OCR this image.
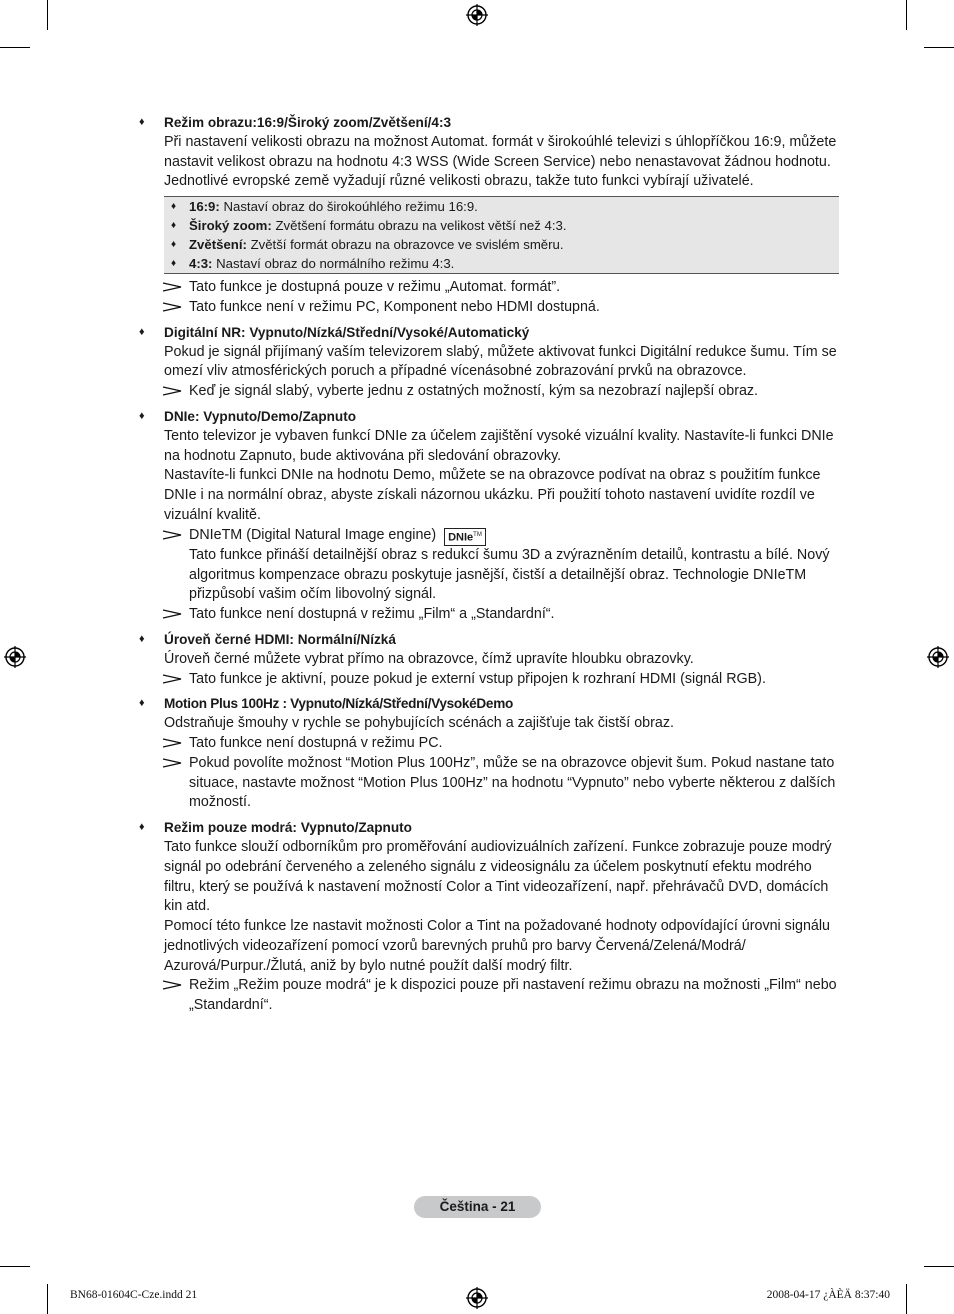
♦ Režim obrazu:16:9/Široký zoom/Zvětšení/4:3
Při nastavení velikosti obrazu na možnost Automat. formát v širokoúhlé televizi s úhlopříčkou 16:9, můžete nastavit velikost obrazu na hodnotu 4:3 WSS (Wide Screen Service) nebo nenastavovat žádnou hodnotu. Jednotlivé evropské země vyžadují různé velikosti obrazu, takže tuto funkci vybírají uživatelé.
♦ 16:9: Nastaví obraz do širokoúhlého režimu 16:9.
♦ Široký zoom: Zvětšení formátu obrazu na velikost větší než 4:3.
♦ Zvětšení: Zvětší formát obrazu na obrazovce ve svislém směru.
♦ 4:3: Nastaví obraz do normálního režimu 4:3.
Tato funkce je dostupná pouze v režimu „Automat. formát”.
Tato funkce není v režimu PC, Komponent nebo HDMI dostupná.
♦ Digitální NR: Vypnuto/Nízká/Střední/Vysoké/Automatický
Pokud je signál přijímaný vaším televizorem slabý, můžete aktivovat funkci Digitální redukce šumu. Tím se omezí vliv atmosférických poruch a případné vícenásobné zobrazování prvků na obrazovce.
Keď je signál slabý, vyberte jednu z ostatných možností, kým sa nezobrazí najlepší obraz.
♦ DNIe: Vypnuto/Demo/Zapnuto
Tento televizor je vybaven funkcí DNIe za účelem zajištění vysoké vizuální kvality. Nastavíte-li funkci DNIe na hodnotu Zapnuto, bude aktivována při sledování obrazovky.
Nastavíte-li funkci DNIe na hodnotu Demo, můžete se na obrazovce podívat na obraz s použitím funkce DNIe i na normální obraz, abyste získali názornou ukázku. Při použití tohoto nastavení uvidíte rozdíl ve vizuální kvalitě.
DNIeTM (Digital Natural Image engine) DNIe™
Tato funkce přináší detailnější obraz s redukcí šumu 3D a zvýrazněním detailů, kontrastu a bílé. Nový algoritmus kompenzace obrazu poskytuje jasnější, čistší a detailnější obraz. Technologie DNIeTM přizpůsobí vašim očím libovolný signál.
Tato funkce není dostupná v režimu „Film“ a „Standardní“.
♦ Úroveň černé HDMI: Normální/Nízká
Úroveň černé můžete vybrat přímo na obrazovce, čímž upravíte hloubku obrazovky.
Tato funkce je aktivní, pouze pokud je externí vstup připojen k rozhraní HDMI (signál RGB).
♦ Motion Plus 100Hz : Vypnuto/Nízká/Střední/VysokéDemo
Odstraňuje šmouhy v rychle se pohybujících scénách a zajišťuje tak čistší obraz.
Tato funkce není dostupná v režimu PC.
Pokud povolíte možnost “Motion Plus 100Hz”, může se na obrazovce objevit šum. Pokud nastane tato situace, nastavte možnost “Motion Plus 100Hz” na hodnotu “Vypnuto” nebo vyberte některou z dalších možností.
♦ Režim pouze modrá: Vypnuto/Zapnuto
Tato funkce slouží odborníkům pro proměřování audiovizuálních zařízení. Funkce zobrazuje pouze modrý signál po odebrání červeného a zeleného signálu z videosignálu za účelem poskytnutí efektu modrého filtru, který se používá k nastavení možností Color a Tint videozařízení, např. přehrávačů DVD, domácích kin atd.
Pomocí této funkce lze nastavit možnosti Color a Tint na požadované hodnoty odpovídající úrovni signálu jednotlivých videozařízení pomocí vzorů barevných pruhů pro barvy Červená/Zelená/Modrá/ Azurová/Purpur./Žlutá, aniž by bylo nutné použít další modrý filtr.
Režim „Režim pouze modrá“ je k dispozici pouze při nastavení režimu obrazu na možnosti „Film“ nebo „Standardní“.
Čeština - 21
BN68-01604C-Cze.indd 21	2008-04-17 ¿ÀÈÄ 8:37:40
